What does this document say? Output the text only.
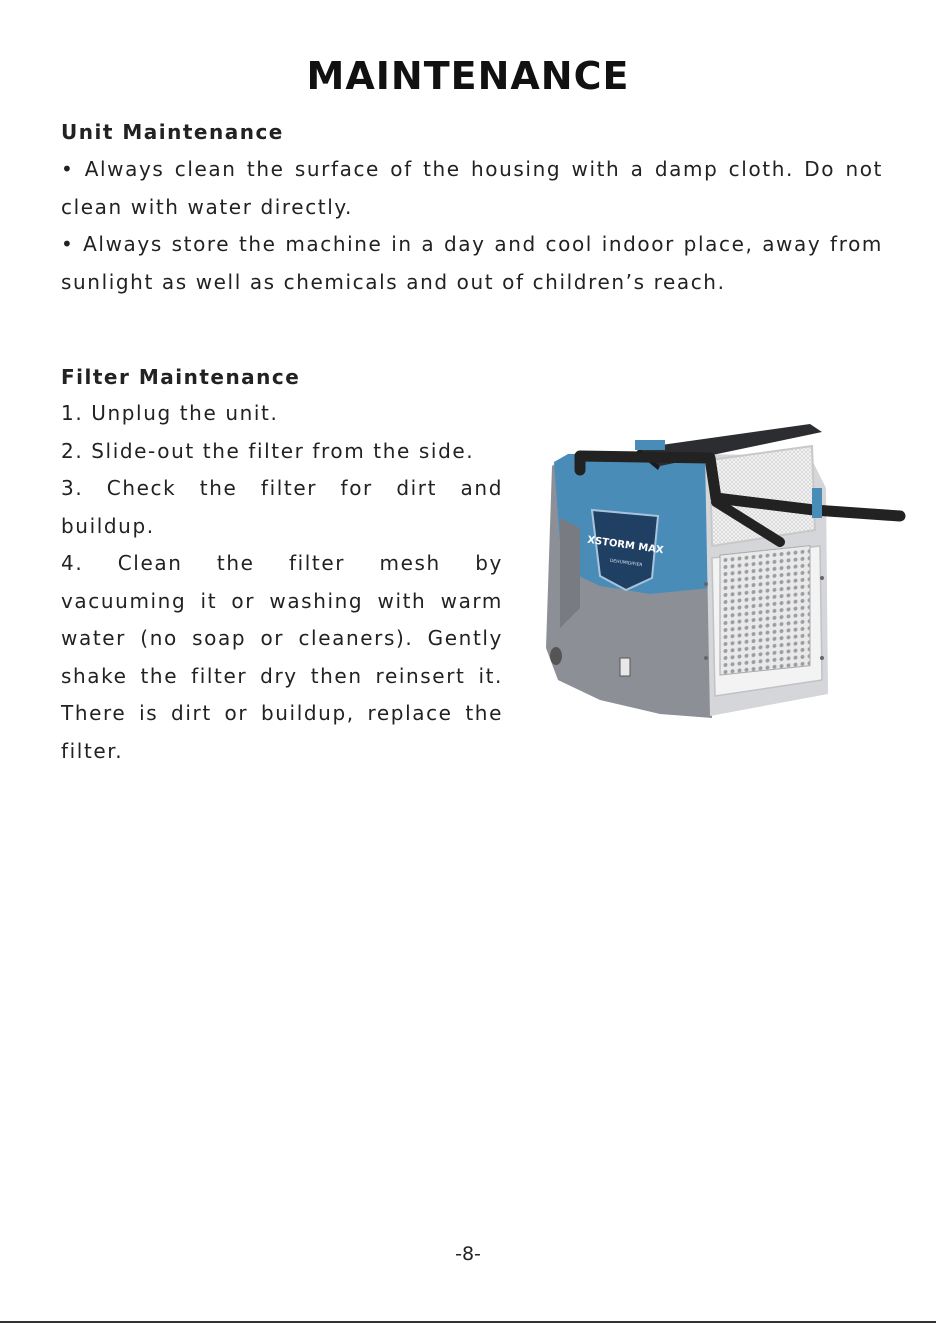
MAINTENANCE
Unit Maintenance

• Always clean the surface of the housing with a damp cloth. Do not clean with water directly.

• Always store the machine in a day and cool indoor place, away from sunlight as well as chemicals and out of children’s reach.

Filter Maintenance

1. Unplug the unit.

2. Slide-out the filter from the side.

3. Check the filter for dirt and buildup.

4. Clean the filter mesh by vacuuming it or washing with warm water (no soap or cleaners). Gently shake the filter dry then reinsert it. There is dirt or buildup, replace the filter.

XSTORM MAX
DEHUMIDIFIER
-8-
